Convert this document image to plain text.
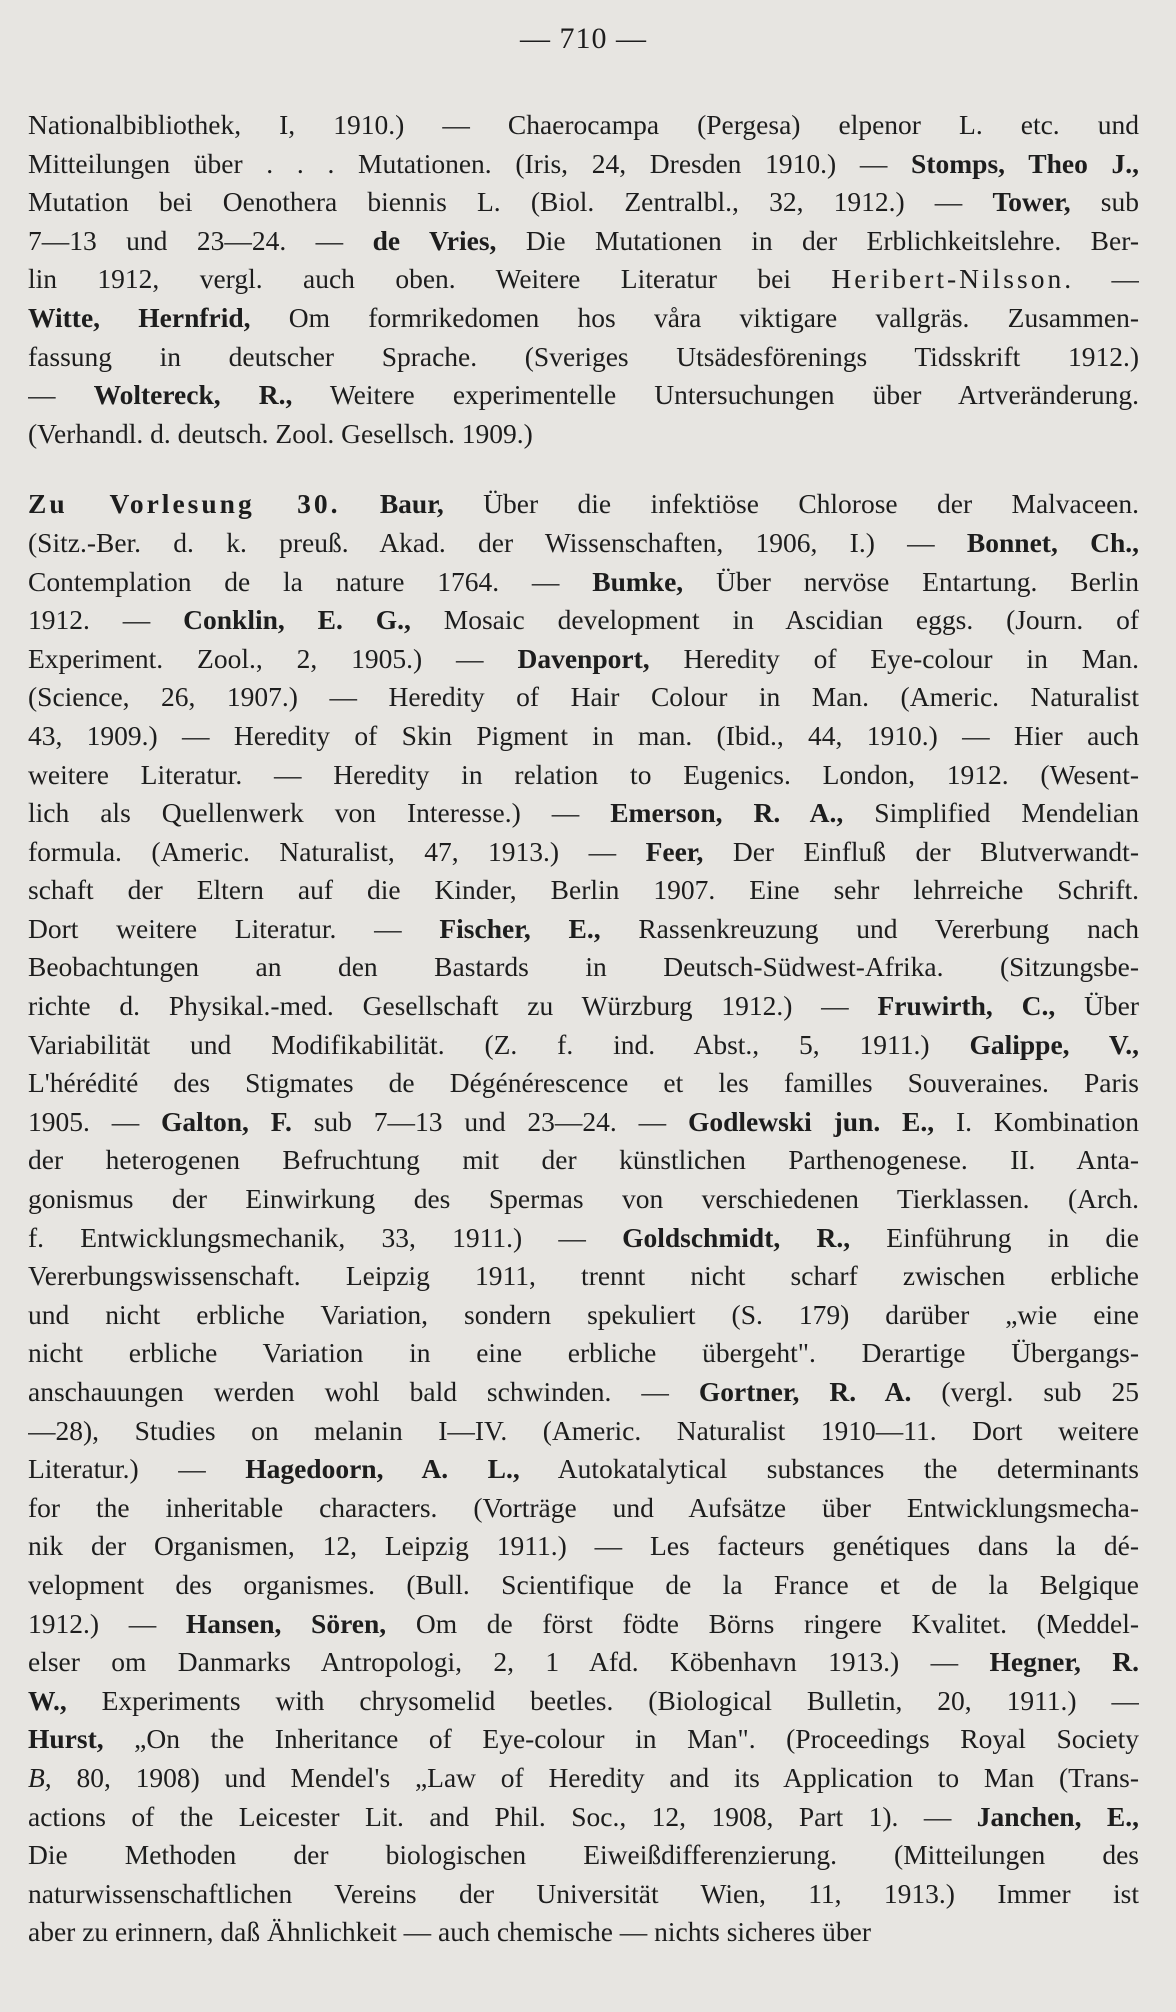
— 710 —
Nationalbibliothek, I, 1910.) — Chaerocampa (Pergesa) elpenor L. etc. und
Mitteilungen über . . . Mutationen. (Iris, 24, Dresden 1910.) — Stomps, Theo J.,
Mutation bei Oenothera biennis L. (Biol. Zentralbl., 32, 1912.) — Tower, sub
7—13 und 23—24. — de Vries, Die Mutationen in der Erblichkeitslehre. Ber-
lin 1912, vergl. auch oben. Weitere Literatur bei Heribert-Nilsson. —
Witte, Hernfrid, Om formrikedomen hos våra viktigare vallgräs. Zusammen-
fassung in deutscher Sprache. (Sveriges Utsädesförenings Tidsskrift 1912.)
— Woltereck, R., Weitere experimentelle Untersuchungen über Artveränderung.
(Verhandl. d. deutsch. Zool. Gesellsch. 1909.)
Zu Vorlesung 30. Baur, Über die infektiöse Chlorose der Malvaceen.
(Sitz.-Ber. d. k. preuß. Akad. der Wissenschaften, 1906, I.) — Bonnet, Ch.,
Contemplation de la nature 1764. — Bumke, Über nervöse Entartung. Berlin
1912. — Conklin, E. G., Mosaic development in Ascidian eggs. (Journ. of
Experiment. Zool., 2, 1905.) — Davenport, Heredity of Eye-colour in Man.
(Science, 26, 1907.) — Heredity of Hair Colour in Man. (Americ. Naturalist
43, 1909.) — Heredity of Skin Pigment in man. (Ibid., 44, 1910.) — Hier auch
weitere Literatur. — Heredity in relation to Eugenics. London, 1912. (Wesent-
lich als Quellenwerk von Interesse.) — Emerson, R. A., Simplified Mendelian
formula. (Americ. Naturalist, 47, 1913.) — Feer, Der Einfluß der Blutverwandt-
schaft der Eltern auf die Kinder, Berlin 1907. Eine sehr lehrreiche Schrift.
Dort weitere Literatur. — Fischer, E., Rassenkreuzung und Vererbung nach
Beobachtungen an den Bastards in Deutsch-Südwest-Afrika. (Sitzungsbe-
richte d. Physikal.-med. Gesellschaft zu Würzburg 1912.) — Fruwirth, C., Über
Variabilität und Modifikabilität. (Z. f. ind. Abst., 5, 1911.) Galippe, V.,
L'hérédité des Stigmates de Dégénérescence et les familles Souveraines. Paris
1905. — Galton, F. sub 7—13 und 23—24. — Godlewski jun. E., I. Kombination
der heterogenen Befruchtung mit der künstlichen Parthenogenese. II. Anta-
gonismus der Einwirkung des Spermas von verschiedenen Tierklassen. (Arch.
f. Entwicklungsmechanik, 33, 1911.) — Goldschmidt, R., Einführung in die
Vererbungswissenschaft. Leipzig 1911, trennt nicht scharf zwischen erbliche
und nicht erbliche Variation, sondern spekuliert (S. 179) darüber „wie eine
nicht erbliche Variation in eine erbliche übergeht". Derartige Übergangs-
anschauungen werden wohl bald schwinden. — Gortner, R. A. (vergl. sub 25
—28), Studies on melanin I—IV. (Americ. Naturalist 1910—11. Dort weitere
Literatur.) — Hagedoorn, A. L., Autokatalytical substances the determinants
for the inheritable characters. (Vorträge und Aufsätze über Entwicklungsmecha-
nik der Organismen, 12, Leipzig 1911.) — Les facteurs genétiques dans la dé-
velopment des organismes. (Bull. Scientifique de la France et de la Belgique
1912.) — Hansen, Sören, Om de först födte Börns ringere Kvalitet. (Meddel-
elser om Danmarks Antropologi, 2, 1 Afd. Köbenhavn 1913.) — Hegner, R.
W., Experiments with chrysomelid beetles. (Biological Bulletin, 20, 1911.) —
Hurst, „On the Inheritance of Eye-colour in Man". (Proceedings Royal Society
B, 80, 1908) und Mendel's „Law of Heredity and its Application to Man (Trans-
actions of the Leicester Lit. and Phil. Soc., 12, 1908, Part 1). — Janchen, E.,
Die Methoden der biologischen Eiweißdifferenzierung. (Mitteilungen des
naturwissenschaftlichen Vereins der Universität Wien, 11, 1913.) Immer ist
aber zu erinnern, daß Ähnlichkeit — auch chemische — nichts sicheres über
